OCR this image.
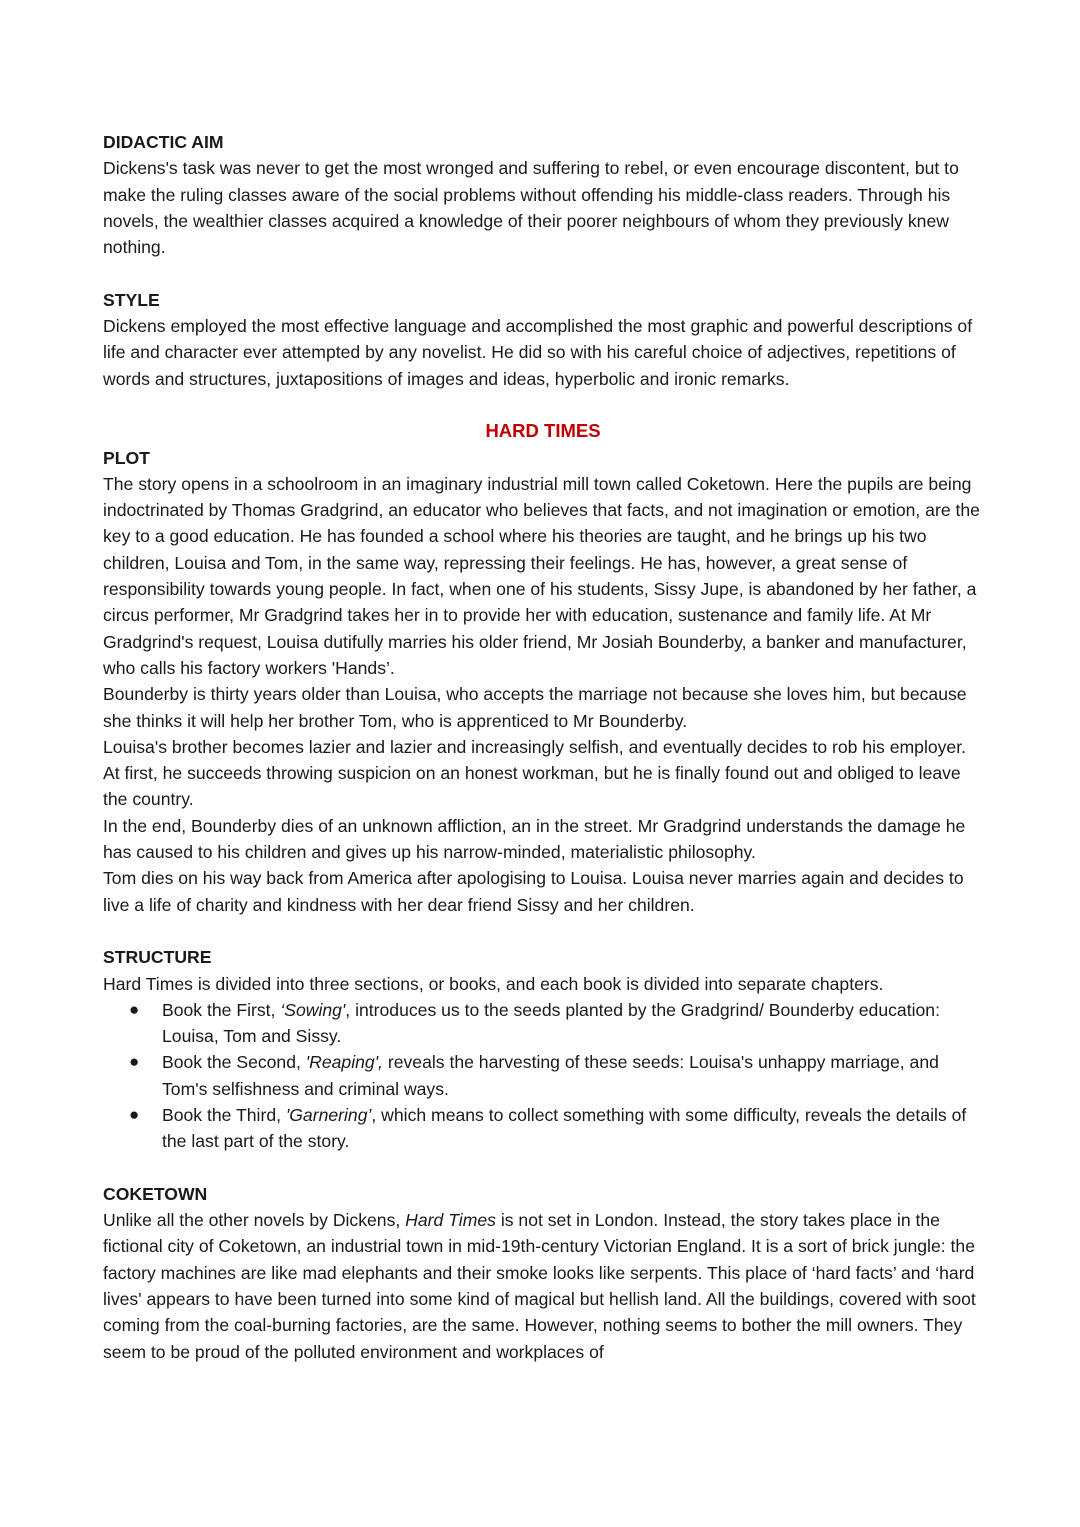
DIDACTIC AIM

Dickens's task was never to get the most wronged and suffering to rebel, or even encourage discontent, but to make the ruling classes aware of the social problems without offending his middle-class readers. Through his novels, the wealthier classes acquired a knowledge of their poorer neighbours of whom they previously knew nothing.

STYLE

Dickens employed the most effective language and accomplished the most graphic and powerful descriptions of life and character ever attempted by any novelist. He did so with his careful choice of adjectives, repetitions of words and structures, juxtapositions of images and ideas, hyperbolic and ironic remarks.

HARD TIMES

PLOT

The story opens in a schoolroom in an imaginary industrial mill town called Coketown. Here the pupils are being indoctrinated by Thomas Gradgrind, an educator who believes that facts, and not imagination or emotion, are the key to a good education. He has founded a school where his theories are taught, and he brings up his two children, Louisa and Tom, in the same way, repressing their feelings. He has, however, a great sense of responsibility towards young people. In fact, when one of his students, Sissy Jupe, is abandoned by her father, a circus performer, Mr Gradgrind takes her in to provide her with education, sustenance and family life. At Mr Gradgrind's request, Louisa dutifully marries his older friend, Mr Josiah Bounderby, a banker and manufacturer, who calls his factory workers 'Hands’.

Bounderby is thirty years older than Louisa, who accepts the marriage not because she loves him, but because she thinks it will help her brother Tom, who is apprenticed to Mr Bounderby.

Louisa's brother becomes lazier and lazier and increasingly selfish, and eventually decides to rob his employer. At first, he succeeds throwing suspicion on an honest workman, but he is finally found out and obliged to leave the country.

In the end, Bounderby dies of an unknown affliction, an in the street. Mr Gradgrind understands the damage he has caused to his children and gives up his narrow-minded, materialistic philosophy.

Tom dies on his way back from America after apologising to Louisa. Louisa never marries again and decides to live a life of charity and kindness with her dear friend Sissy and her children.

STRUCTURE

Hard Times is divided into three sections, or books, and each book is divided into separate chapters.

● Book the First, ‘Sowing', introduces us to the seeds planted by the Gradgrind/ Bounderby education: Louisa, Tom and Sissy.
● Book the Second, 'Reaping', reveals the harvesting of these seeds: Louisa's unhappy marriage, and Tom's selfishness and criminal ways.
● Book the Third, 'Garnering’, which means to collect something with some difficulty, reveals the details of the last part of the story.

COKETOWN

Unlike all the other novels by Dickens, Hard Times is not set in London. Instead, the story takes place in the fictional city of Coketown, an industrial town in mid-19th-century Victorian England. It is a sort of brick jungle: the factory machines are like mad elephants and their smoke looks like serpents. This place of ‘hard facts’ and ‘hard lives' appears to have been turned into some kind of magical but hellish land. All the buildings, covered with soot coming from the coal-burning factories, are the same. However, nothing seems to bother the mill owners. They seem to be proud of the polluted environment and workplaces of
